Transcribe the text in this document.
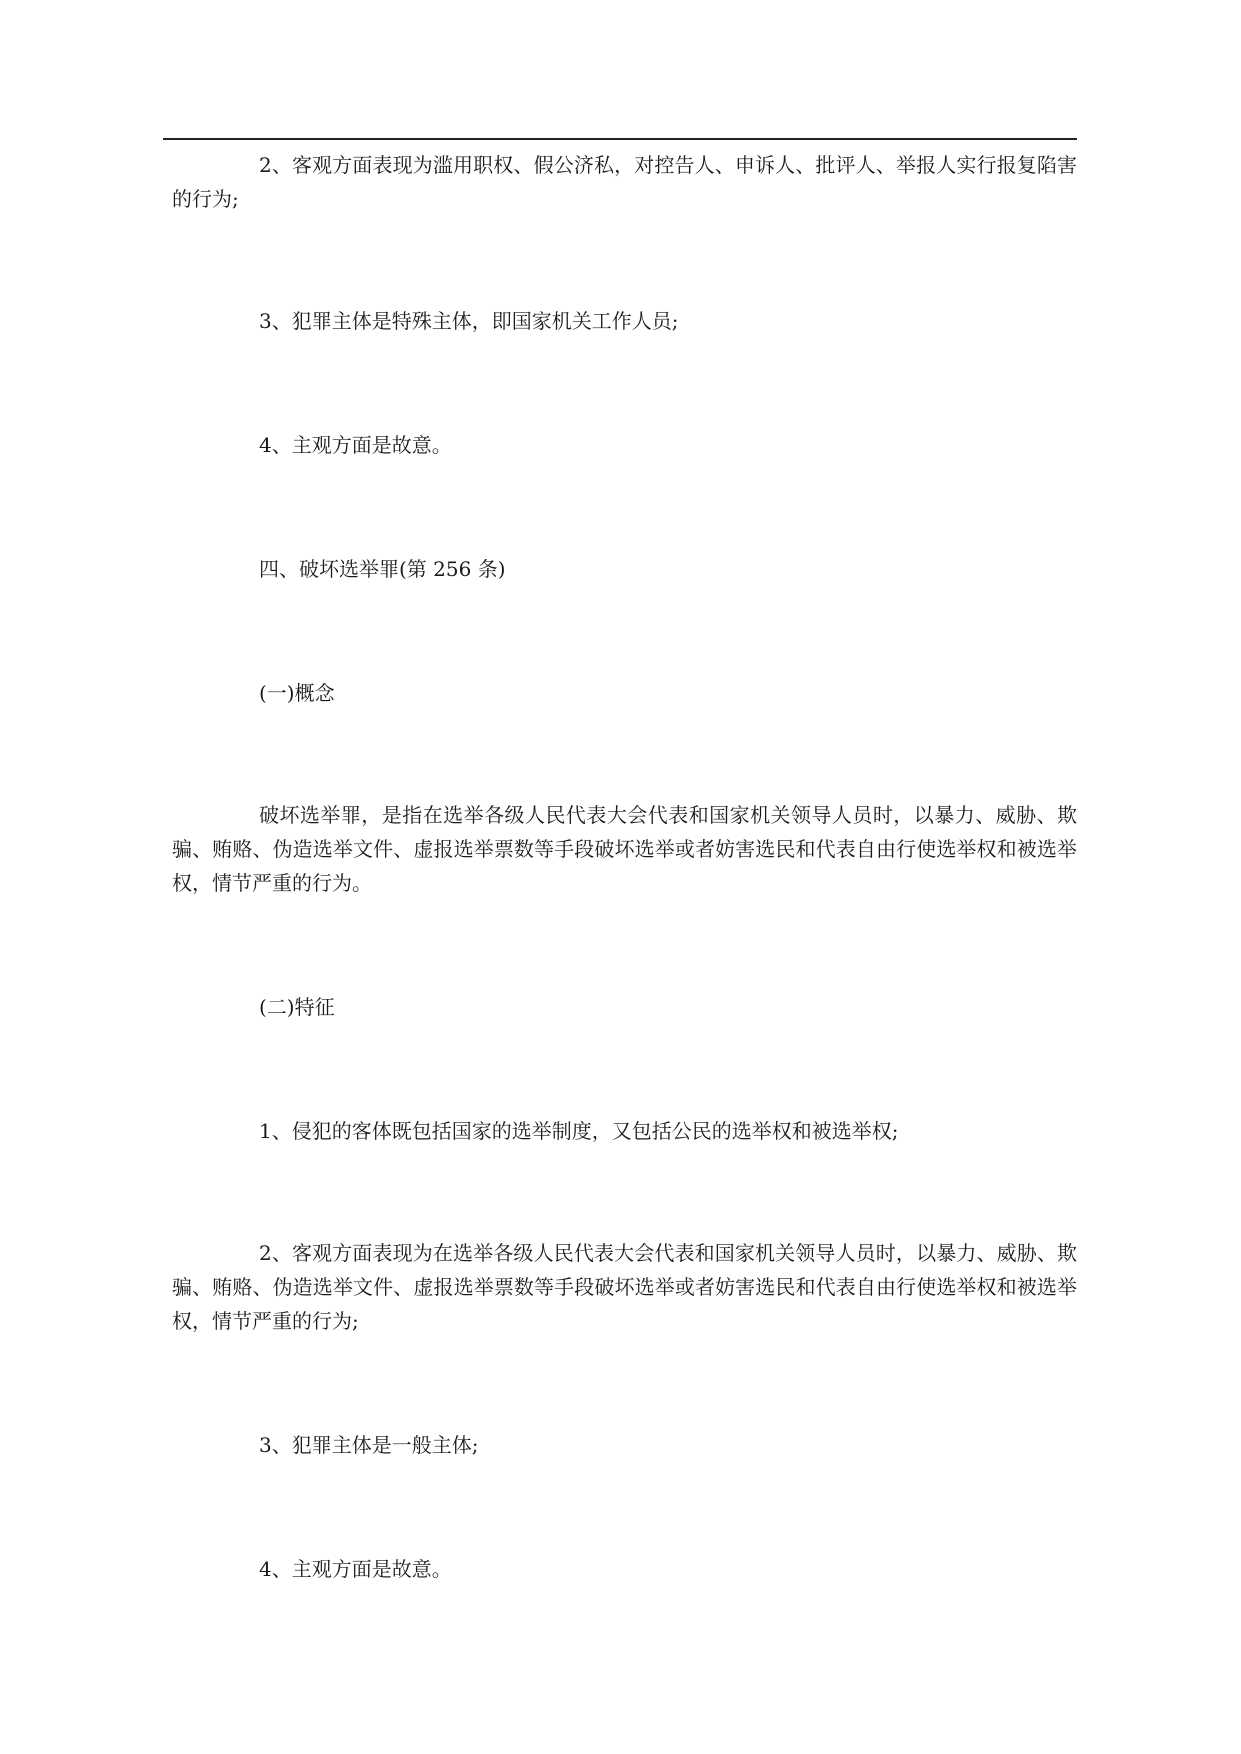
2、客观方面表现为滥用职权、假公济私，对控告人、申诉人、批评人、举报人实行报复陷害的行为;

3、犯罪主体是特殊主体，即国家机关工作人员;

4、主观方面是故意。

四、破坏选举罪(第 256 条)

(一)概念

破坏选举罪，是指在选举各级人民代表大会代表和国家机关领导人员时，以暴力、威胁、欺骗、贿赂、伪造选举文件、虚报选举票数等手段破坏选举或者妨害选民和代表自由行使选举权和被选举权，情节严重的行为。

(二)特征

1、侵犯的客体既包括国家的选举制度，又包括公民的选举权和被选举权;

2、客观方面表现为在选举各级人民代表大会代表和国家机关领导人员时，以暴力、威胁、欺骗、贿赂、伪造选举文件、虚报选举票数等手段破坏选举或者妨害选民和代表自由行使选举权和被选举权，情节严重的行为;

3、犯罪主体是一般主体;

4、主观方面是故意。
